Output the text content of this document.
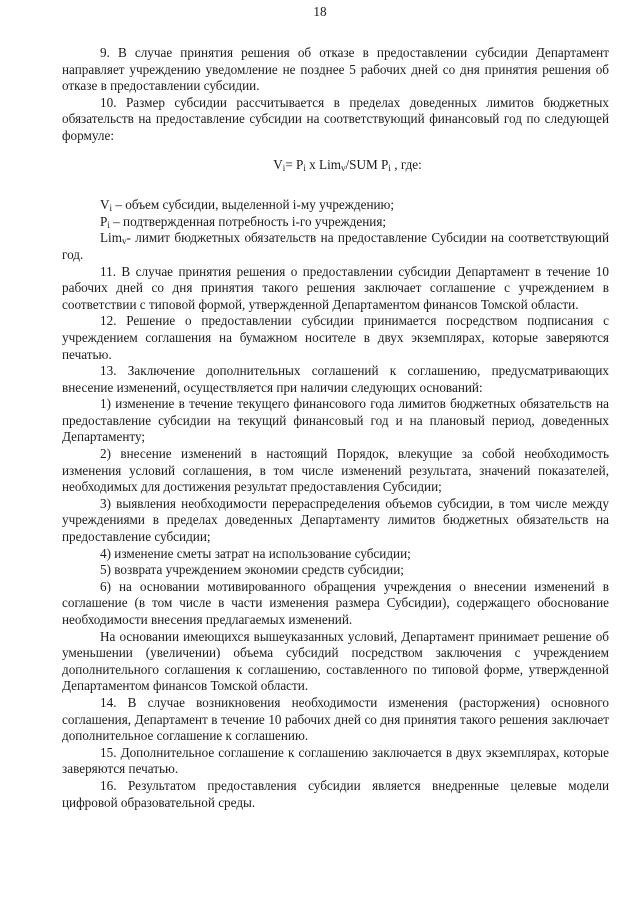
18

9. В случае принятия решения об отказе в предоставлении субсидии Департамент направляет учреждению уведомление не позднее 5 рабочих дней со дня принятия решения об отказе в предоставлении субсидии.

10. Размер субсидии рассчитывается в пределах доведенных лимитов бюджетных обязательств на предоставление субсидии на соответствующий финансовый год по следующей формуле:

$V_i= P_i$ x Lim$_v$/SUM $P_i$ , где:

$V_i$ – объем субсидии, выделенной i-му учреждению;

$P_i$ – подтвержденная потребность i-го учреждения;

Lim$_v$- лимит бюджетных обязательств на предоставление Субсидии на соответствующий год.

11. В случае принятия решения о предоставлении субсидии Департамент в течение 10 рабочих дней со дня принятия такого решения заключает соглашение с учреждением в соответствии с типовой формой, утвержденной Департаментом финансов Томской области.

12. Решение о предоставлении субсидии принимается посредством подписания с учреждением соглашения на бумажном носителе в двух экземплярах, которые заверяются печатью.

13. Заключение дополнительных соглашений к соглашению, предусматривающих внесение изменений, осуществляется при наличии следующих оснований:

1) изменение в течение текущего финансового года лимитов бюджетных обязательств на предоставление субсидии на текущий финансовый год и на плановый период, доведенных Департаменту;

2) внесение изменений в настоящий Порядок, влекущие за собой необходимость изменения условий соглашения, в том числе изменений результата, значений показателей, необходимых для достижения результат предоставления Субсидии;

3) выявления необходимости перераспределения объемов субсидии, в том числе между учреждениями в пределах доведенных Департаменту лимитов бюджетных обязательств на предоставление субсидии;

4) изменение сметы затрат на использование субсидии;

5) возврата учреждением экономии средств субсидии;

6) на основании мотивированного обращения учреждения о внесении изменений в соглашение (в том числе в части изменения размера Субсидии), содержащего обоснование необходимости внесения предлагаемых изменений.

На основании имеющихся вышеуказанных условий, Департамент принимает решение об уменьшении (увеличении) объема субсидий посредством заключения с учреждением дополнительного соглашения к соглашению, составленного по типовой форме, утвержденной Департаментом финансов Томской области.

14. В случае возникновения необходимости изменения (расторжения) основного соглашения, Департамент в течение 10 рабочих дней со дня принятия такого решения заключает дополнительное соглашение к соглашению.

15. Дополнительное соглашение к соглашению заключается в двух экземплярах, которые заверяются печатью.

16. Результатом предоставления субсидии является внедренные целевые модели цифровой образовательной среды.
